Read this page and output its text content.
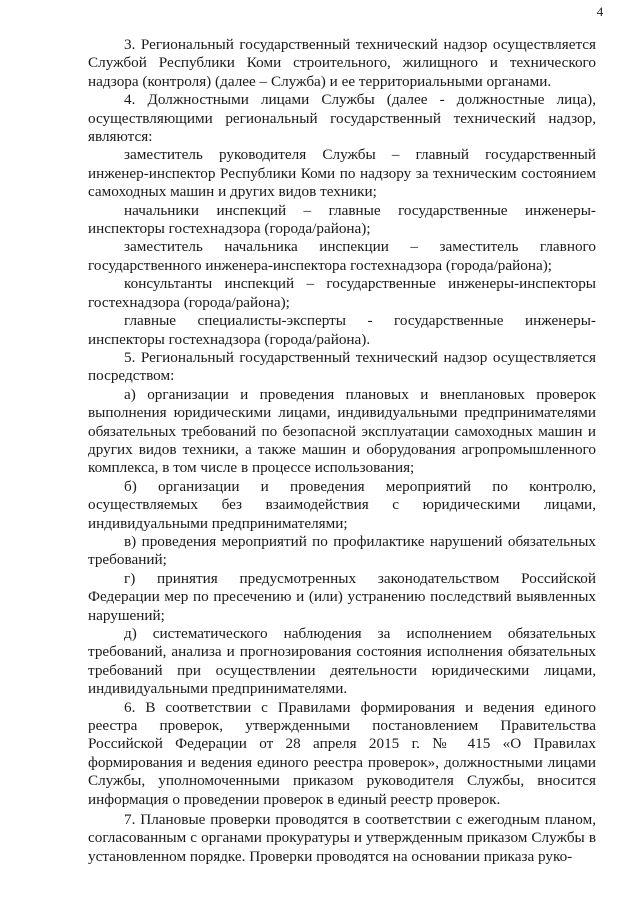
4

3. Региональный государственный технический надзор осуществляется Службой Республики Коми строительного, жилищного и технического надзора (контроля) (далее – Служба) и ее территориальными органами.

4. Должностными лицами Службы (далее - должностные лица), осуществляющими региональный государственный технический надзор, являются:

заместитель руководителя Службы – главный государственный инженер-инспектор Республики Коми по надзору за техническим состоянием самоходных машин и других видов техники;

начальники инспекций – главные государственные инженеры-инспекторы гостехнадзора (города/района);

заместитель начальника инспекции – заместитель главного государственного инженера-инспектора гостехнадзора (города/района);

консультанты инспекций – государственные инженеры-инспекторы гостехнадзора (города/района);

главные специалисты-эксперты - государственные инженеры-инспекторы гостехнадзора (города/района).

5. Региональный государственный технический надзор осуществляется посредством:

а) организации и проведения плановых и внеплановых проверок выполнения юридическими лицами, индивидуальными предпринимателями обязательных требований по безопасной эксплуатации самоходных машин и других видов техники, а также машин и оборудования агропромышленного комплекса, в том числе в процессе использования;

б) организации и проведения мероприятий по контролю, осуществляемых без взаимодействия с юридическими лицами, индивидуальными предпринимателями;

в) проведения мероприятий по профилактике нарушений обязательных требований;

г) принятия предусмотренных законодательством Российской Федерации мер по пресечению и (или) устранению последствий выявленных нарушений;

д) систематического наблюдения за исполнением обязательных требований, анализа и прогнозирования состояния исполнения обязательных требований при осуществлении деятельности юридическими лицами, индивидуальными предпринимателями.

6. В соответствии с Правилами формирования и ведения единого реестра проверок, утвержденными постановлением Правительства Российской Федерации от 28 апреля 2015 г. № 415 «О Правилах формирования и ведения единого реестра проверок», должностными лицами Службы, уполномоченными приказом руководителя Службы, вносится информация о проведении проверок в единый реестр проверок.

7. Плановые проверки проводятся в соответствии с ежегодным планом, согласованным с органами прокуратуры и утвержденным приказом Службы в установленном порядке. Проверки проводятся на основании приказа руко-
